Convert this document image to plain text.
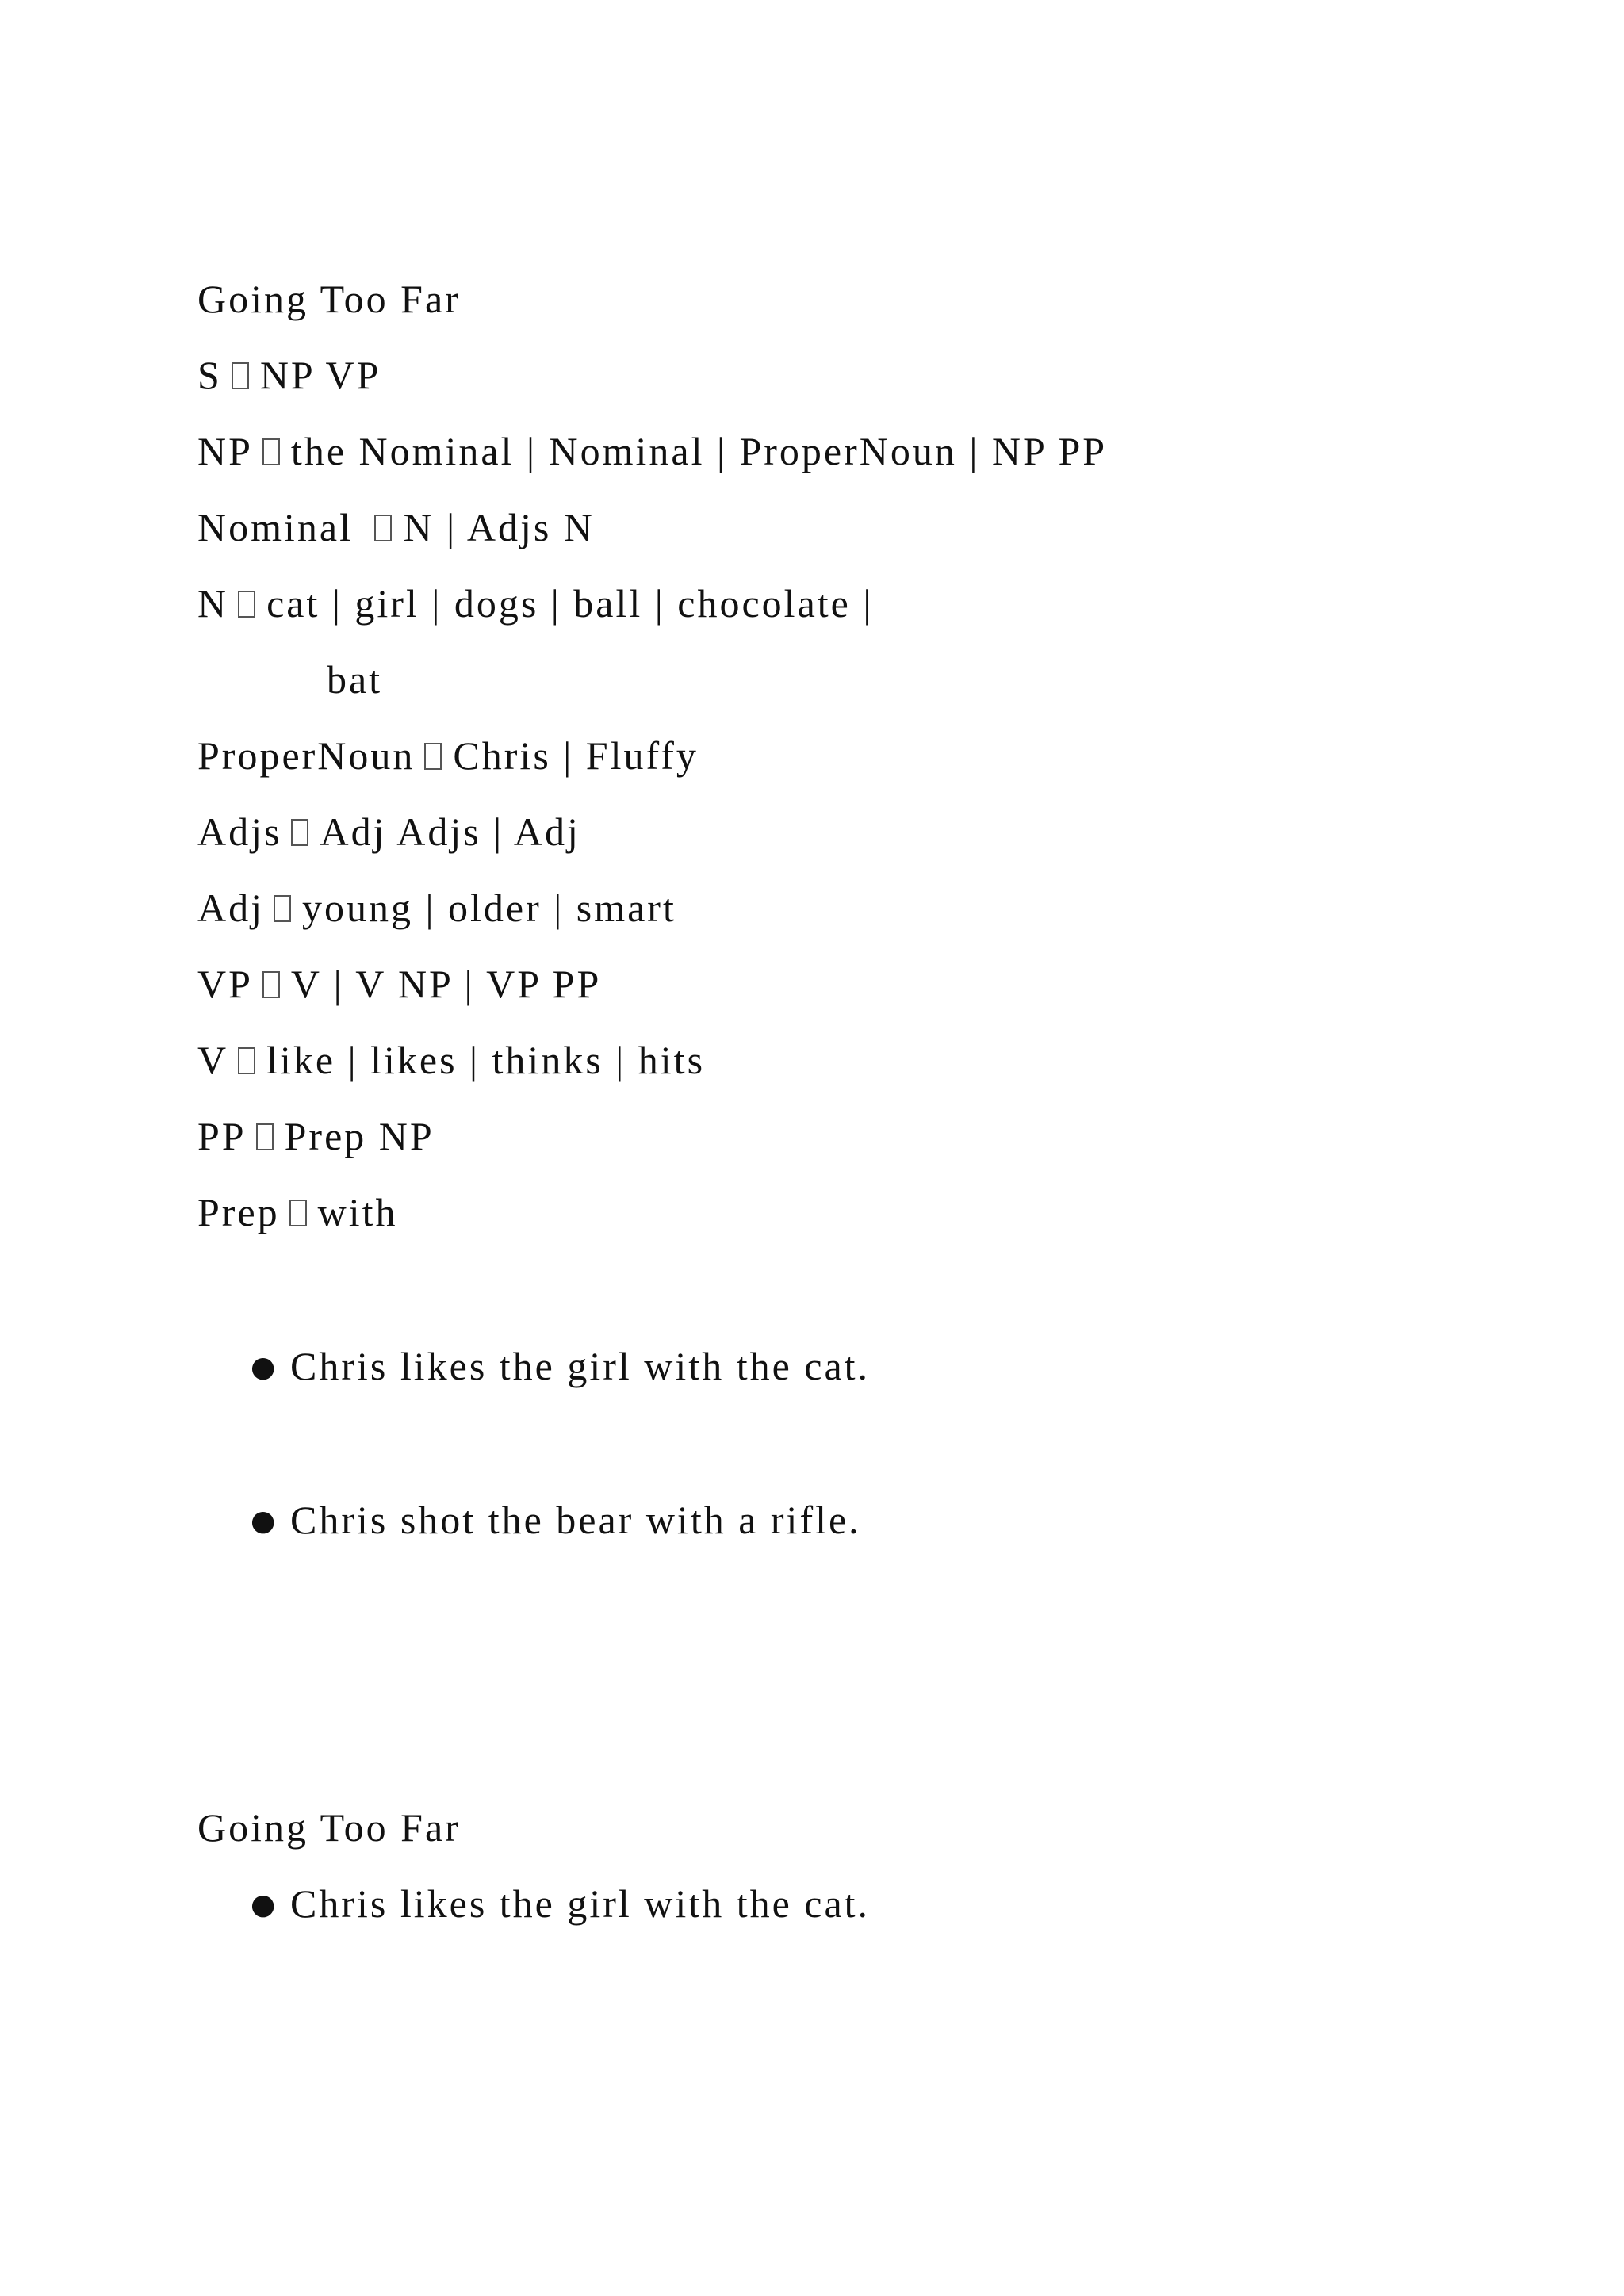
Going Too Far
S NP VP
NP the Nominal | Nominal | ProperNoun | NP PP
Nominal N | Adjs N
N cat | girl | dogs | ball | chocolate |
bat
ProperNoun Chris | Fluffy
Adjs Adj Adjs | Adj
Adj young | older | smart
VP V | V NP | VP PP
V like | likes | thinks | hits
PP Prep NP
Prep with
● Chris likes the girl with the cat.
● Chris shot the bear with a rifle.
Going Too Far
● Chris likes the girl with the cat.
